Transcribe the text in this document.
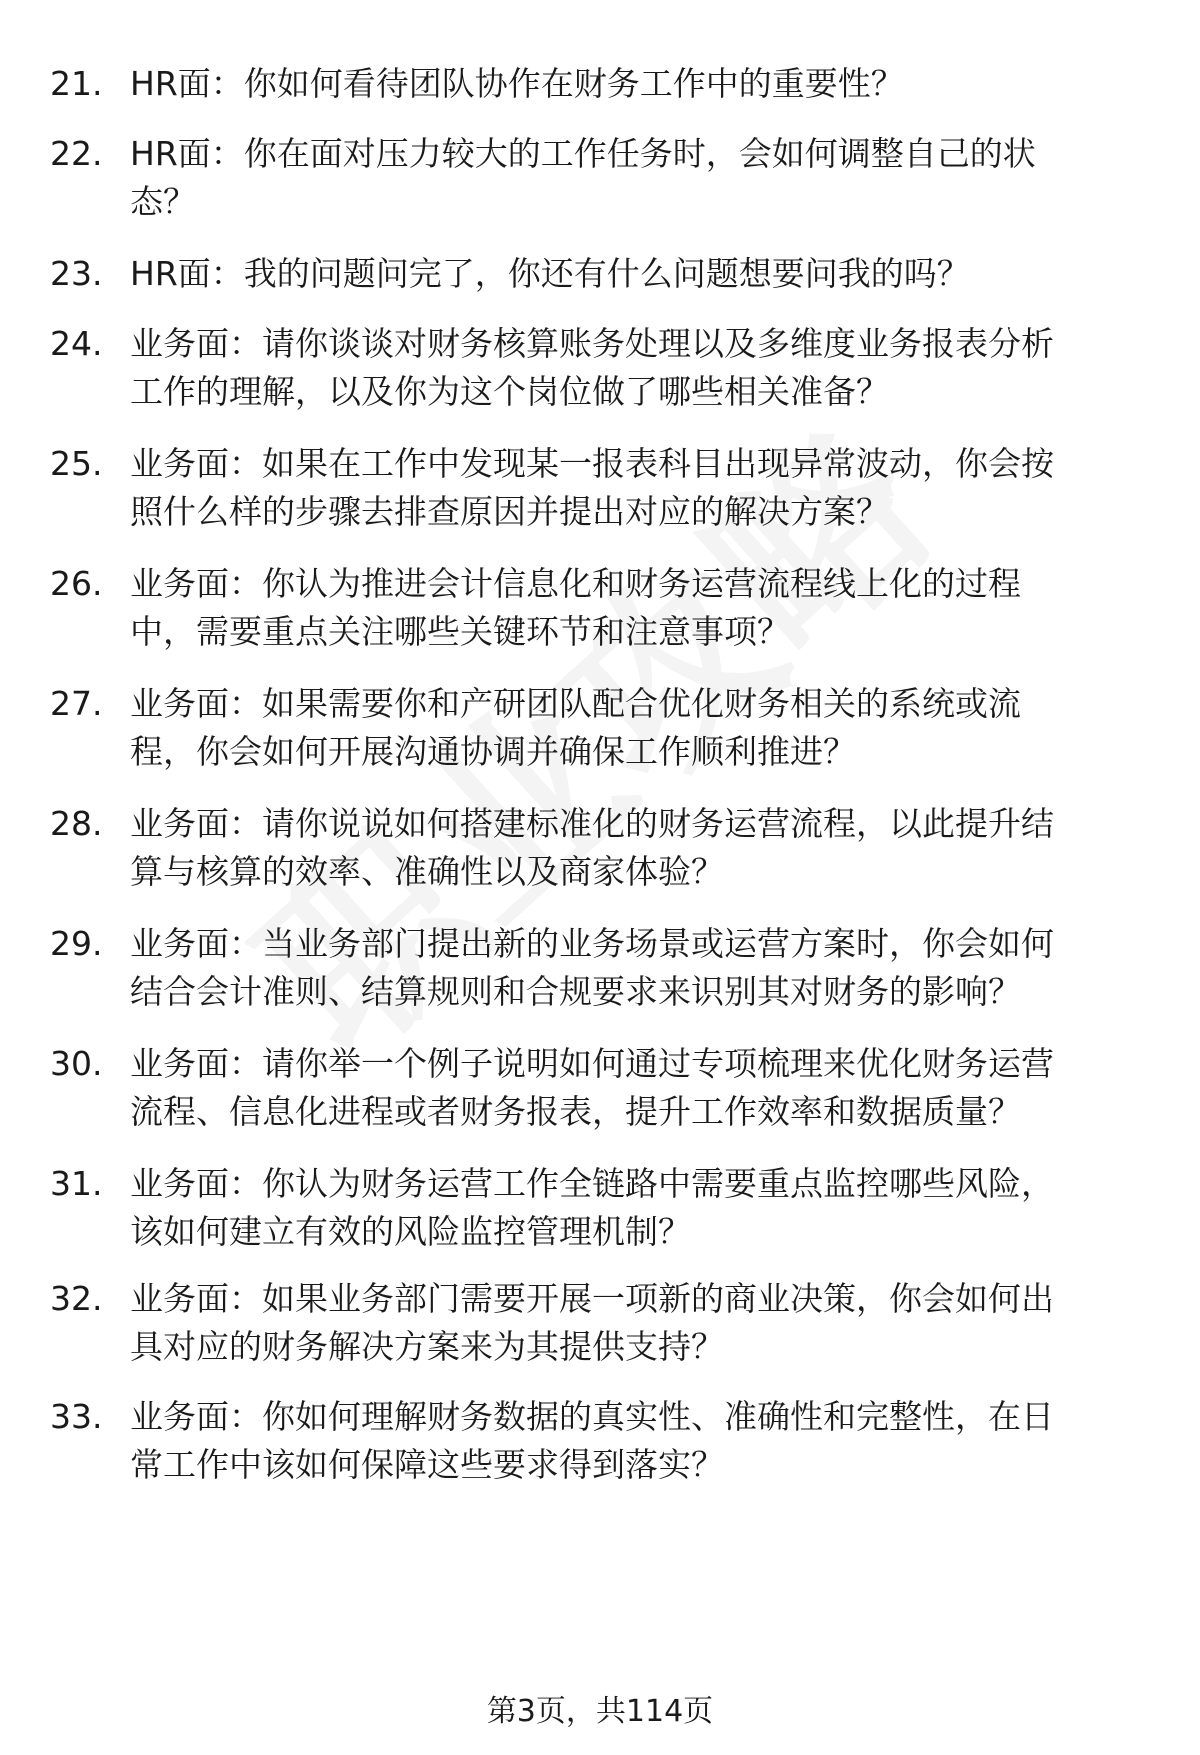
21. HR面：你如何看待团队协作在财务工作中的重要性？
22. HR面：你在面对压力较大的工作任务时，会如何调整自己的状
态？
23. HR面：我的问题问完了，你还有什么问题想要问我的吗？
24. 业务面：请你谈谈对财务核算账务处理以及多维度业务报表分析
工作的理解，以及你为这个岗位做了哪些相关准备？
25. 业务面：如果在工作中发现某一报表科目出现异常波动，你会按
照什么样的步骤去排查原因并提出对应的解决方案？
26. 业务面：你认为推进会计信息化和财务运营流程线上化的过程
中，需要重点关注哪些关键环节和注意事项？
27. 业务面：如果需要你和产研团队配合优化财务相关的系统或流
程，你会如何开展沟通协调并确保工作顺利推进？
28. 业务面：请你说说如何搭建标准化的财务运营流程，以此提升结
算与核算的效率、准确性以及商家体验？
29. 业务面：当业务部门提出新的业务场景或运营方案时，你会如何
结合会计准则、结算规则和合规要求来识别其对财务的影响？
30. 业务面：请你举一个例子说明如何通过专项梳理来优化财务运营
流程、信息化进程或者财务报表，提升工作效率和数据质量？
31. 业务面：你认为财务运营工作全链路中需要重点监控哪些风险，
该如何建立有效的风险监控管理机制？
32. 业务面：如果业务部门需要开展一项新的商业决策，你会如何出
具对应的财务解决方案来为其提供支持？
33. 业务面：你如何理解财务数据的真实性、准确性和完整性，在日
常工作中该如何保障这些要求得到落实？
第3页，共114页
